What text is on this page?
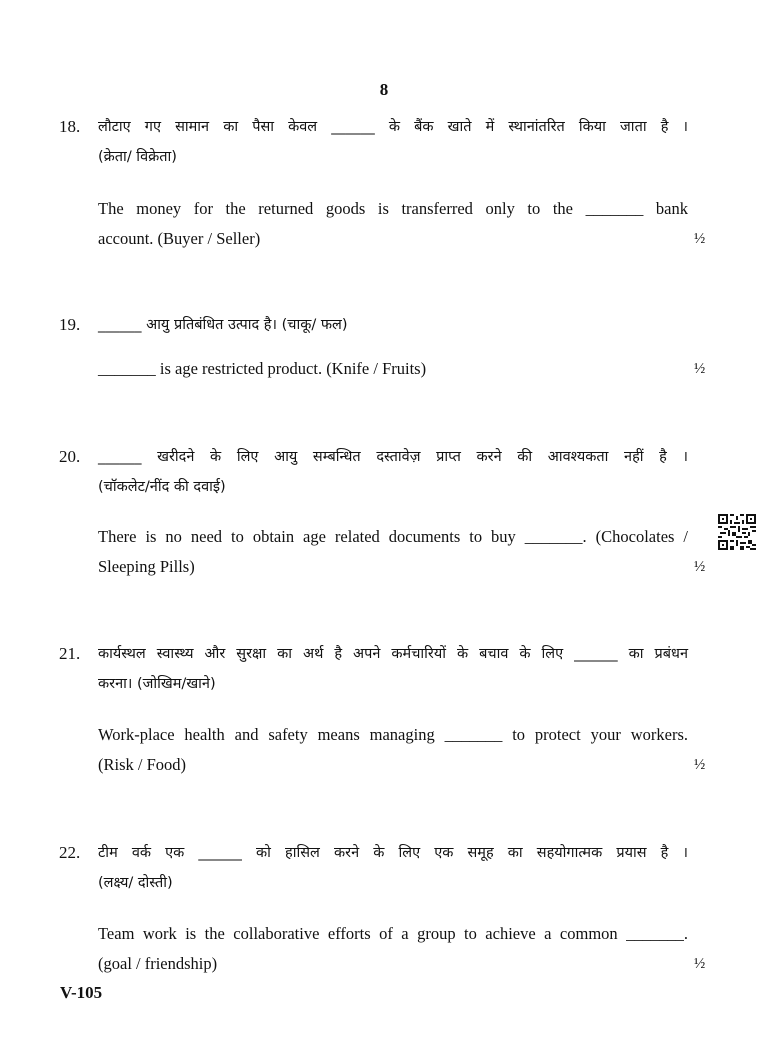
8
18. लौटाए गए सामान का पैसा केवल ______ के बैंक खाते में स्थानांतरित किया जाता है ।
(क्रेता/ विक्रेता)
The money for the returned goods is transferred only to the _______ bank
account. (Buyer / Seller)	½
19. ______ आयु प्रतिबंधित उत्पाद है। (चाकू/ फल)
_______ is age restricted product. (Knife / Fruits)	½
20. ______ खरीदने के लिए आयु सम्बन्धित दस्तावेज़ प्राप्त करने की आवश्यकता नहीं है ।
(चॉकलेट/नींद की दवाई)
There is no need to obtain age related documents to buy _______. (Chocolates /
Sleeping Pills)	½
21. कार्यस्थल स्वास्थ्य और सुरक्षा का अर्थ है अपने कर्मचारियों के बचाव के लिए ______ का प्रबंधन
करना। (जोखिम/खाने)
Work-place health and safety means managing _______ to protect your workers.
(Risk / Food)	½
22. टीम वर्क एक ______ को हासिल करने के लिए एक समूह का सहयोगात्मक प्रयास है ।
(लक्ष्य/ दोस्ती)
Team work is the collaborative efforts of a group to achieve a common _______.
(goal / friendship)	½
V-105
